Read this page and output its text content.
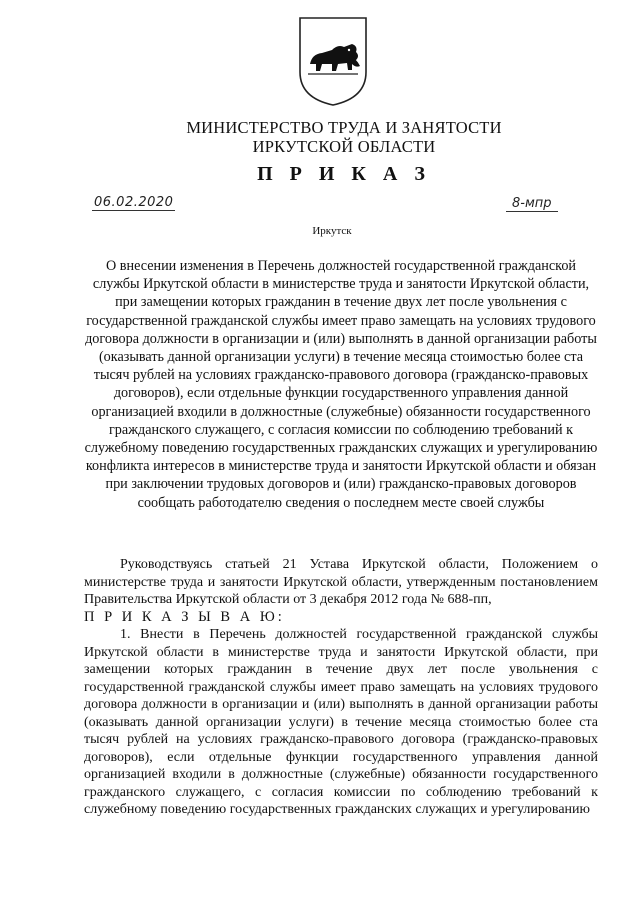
МИНИСТЕРСТВО ТРУДА И ЗАНЯТОСТИ
ИРКУТСКОЙ ОБЛАСТИ
П Р И К А З
06.02.2020	8-мпр
Иркутск
О внесении изменения в Перечень должностей государственной гражданской службы Иркутской области в министерстве труда и занятости Иркутской области, при замещении которых гражданин в течение двух лет после увольнения с государственной гражданской службы имеет право замещать на условиях трудового договора должности в организации и (или) выполнять в данной организации работы (оказывать данной организации услуги) в течение месяца стоимостью более ста тысяч рублей на условиях гражданско-правового договора (гражданско-правовых договоров), если отдельные функции государственного управления данной организацией входили в должностные (служебные) обязанности государственного гражданского служащего, с согласия комиссии по соблюдению требований к служебному поведению государственных гражданских служащих и урегулированию конфликта интересов в министерстве труда и занятости Иркутской области и обязан при заключении трудовых договоров и (или) гражданско-правовых договоров сообщать работодателю сведения о последнем месте своей службы

Руководствуясь статьей 21 Устава Иркутской области, Положением о министерстве труда и занятости Иркутской области, утвержденным постановлением Правительства Иркутской области от 3 декабря 2012 года № 688-пп,

П Р И К А З Ы В А Ю:

1. Внести в Перечень должностей государственной гражданской службы Иркутской области в министерстве труда и занятости Иркутской области, при замещении которых гражданин в течение двух лет после увольнения с государственной гражданской службы имеет право замещать на условиях трудового договора должности в организации и (или) выполнять в данной организации работы (оказывать данной организации услуги) в течение месяца стоимостью более ста тысяч рублей на условиях гражданско-правового договора (гражданско-правовых договоров), если отдельные функции государственного управления данной организацией входили в должностные (служебные) обязанности государственного гражданского служащего, с согласия комиссии по соблюдению требований к служебному поведению государственных гражданских служащих и урегулированию
